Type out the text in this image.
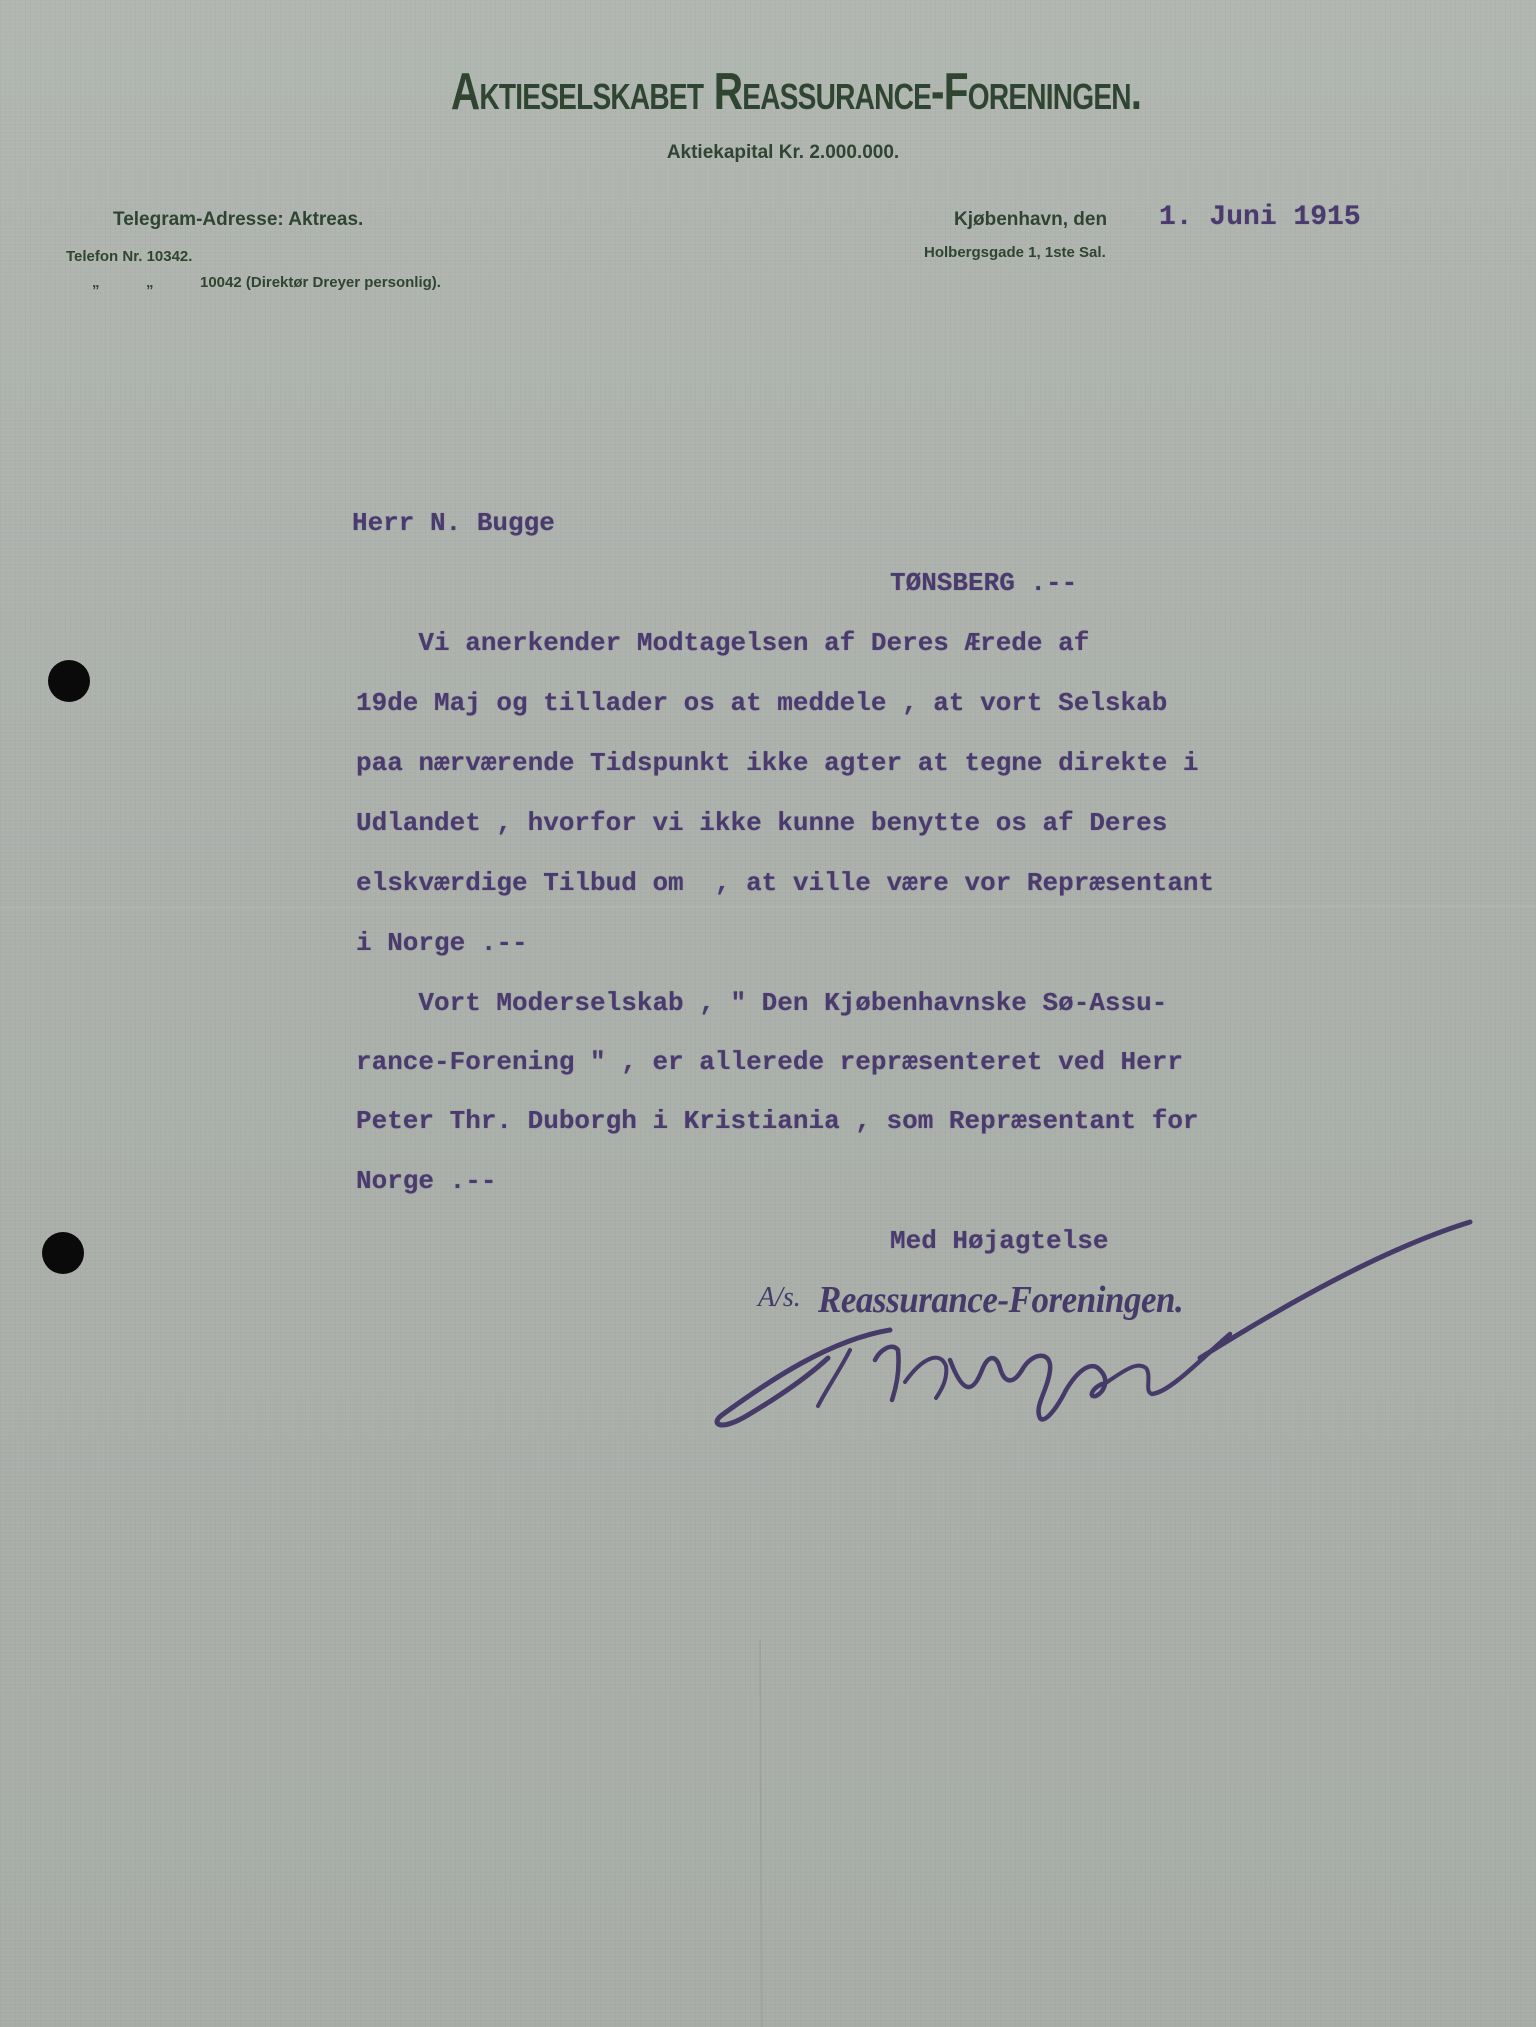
Aktieselskabet Reassurance-Foreningen.
Aktiekapital Kr. 2.000.000.
Telegram-Adresse: Aktreas.
Telefon Nr. 10342.
„	„	10042 (Direktør Dreyer personlig).
Kjøbenhavn, den
Holbergsgade 1, 1ste Sal.
1. Juni 1915
Herr N. Bugge
TØNSBERG .--
Vi anerkender Modtagelsen af Deres Ærede af
19de Maj og tillader os at meddele , at vort Selskab
paa nærværende Tidspunkt ikke agter at tegne direkte i
Udlandet , hvorfor vi ikke kunne benytte os af Deres
elskværdige Tilbud om  , at ville være vor Repræsentant
i Norge .--
Vort Moderselskab , " Den Kjøbenhavnske Sø-Assu-
rance-Forening " , er allerede repræsenteret ved Herr
Peter Thr. Duborgh i Kristiania , som Repræsentant for
Norge .--
Med Højagtelse
A/s. Reassurance-Foreningen.
